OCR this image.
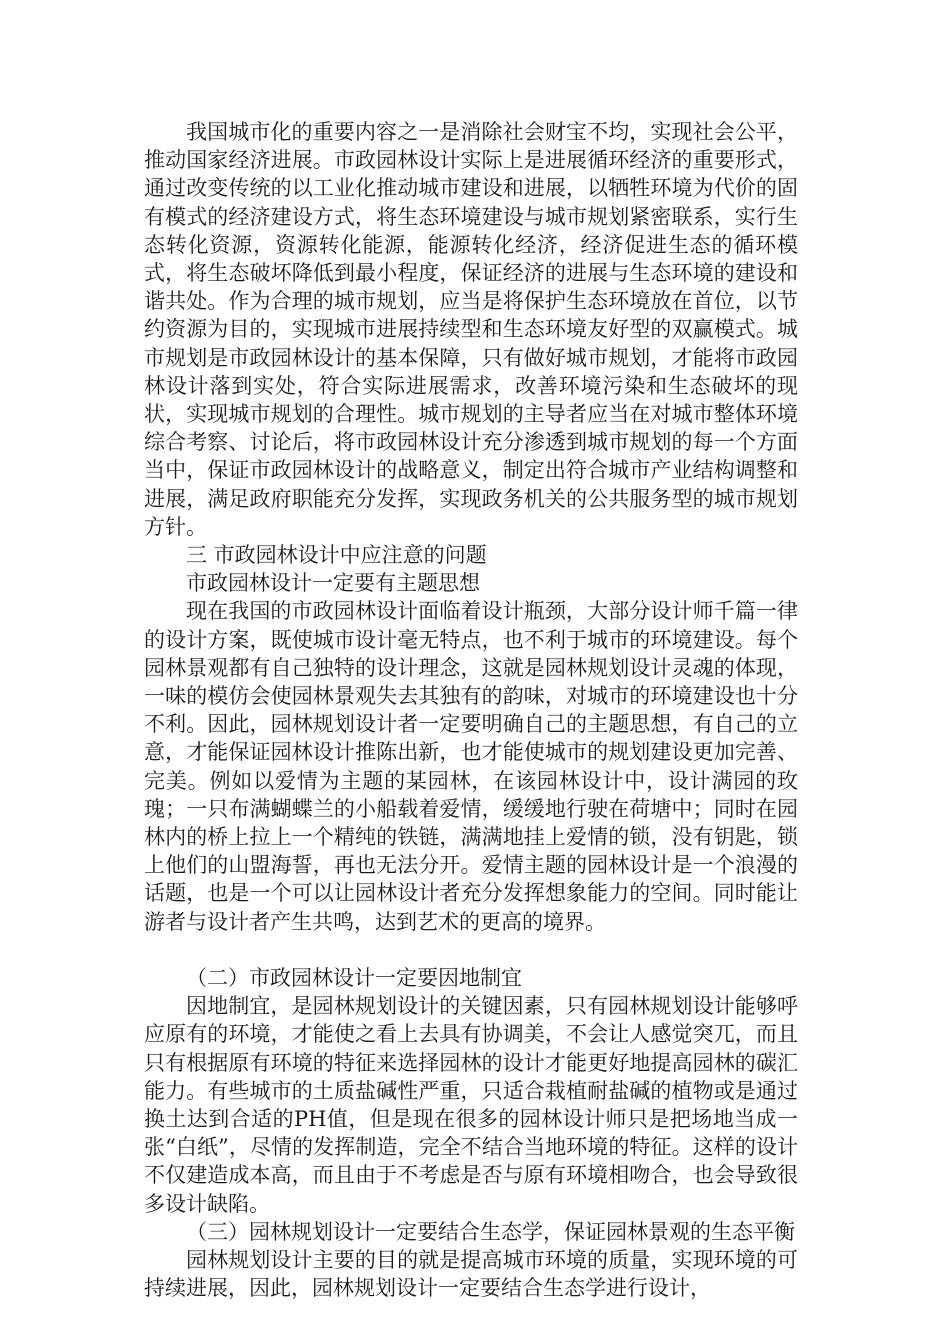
我国城市化的重要内容之一是消除社会财宝不均，实现社会公平，推动国家经济进展。市政园林设计实际上是进展循环经济的重要形式，通过改变传统的以工业化推动城市建设和进展，以牺牲环境为代价的固有模式的经济建设方式，将生态环境建设与城市规划紧密联系，实行生态转化资源，资源转化能源，能源转化经济，经济促进生态的循环模式，将生态破坏降低到最小程度，保证经济的进展与生态环境的建设和谐共处。作为合理的城市规划，应当是将保护生态环境放在首位，以节约资源为目的，实现城市进展持续型和生态环境友好型的双赢模式。城市规划是市政园林设计的基本保障，只有做好城市规划，才能将市政园林设计落到实处，符合实际进展需求，改善环境污染和生态破坏的现状，实现城市规划的合理性。城市规划的主导者应当在对城市整体环境综合考察、讨论后，将市政园林设计充分渗透到城市规划的每一个方面当中，保证市政园林设计的战略意义，制定出符合城市产业结构调整和进展，满足政府职能充分发挥，实现政务机关的公共服务型的城市规划方针。

三 市政园林设计中应注意的问题

市政园林设计一定要有主题思想

现在我国的市政园林设计面临着设计瓶颈，大部分设计师千篇一律的设计方案，既使城市设计毫无特点，也不利于城市的环境建设。每个园林景观都有自己独特的设计理念，这就是园林规划设计灵魂的体现，一味的模仿会使园林景观失去其独有的韵味，对城市的环境建设也十分不利。因此，园林规划设计者一定要明确自己的主题思想，有自己的立意，才能保证园林设计推陈出新，也才能使城市的规划建设更加完善、完美。例如以爱情为主题的某园林，在该园林设计中，设计满园的玫瑰；一只布满蝴蝶兰的小船载着爱情，缓缓地行驶在荷塘中；同时在园林内的桥上拉上一个精纯的铁链，满满地挂上爱情的锁，没有钥匙，锁上他们的山盟海誓，再也无法分开。爱情主题的园林设计是一个浪漫的话题，也是一个可以让园林设计者充分发挥想象能力的空间。同时能让游者与设计者产生共鸣，达到艺术的更高的境界。

（二）市政园林设计一定要因地制宜

因地制宜，是园林规划设计的关键因素，只有园林规划设计能够呼应原有的环境，才能使之看上去具有协调美，不会让人感觉突兀，而且只有根据原有环境的特征来选择园林的设计才能更好地提高园林的碳汇能力。有些城市的土质盐碱性严重，只适合栽植耐盐碱的植物或是通过换土达到合适的PH值，但是现在很多的园林设计师只是把场地当成一张“白纸”，尽情的发挥制造，完全不结合当地环境的特征。这样的设计不仅建造成本高，而且由于不考虑是否与原有环境相吻合，也会导致很多设计缺陷。

（三）园林规划设计一定要结合生态学，保证园林景观的生态平衡

园林规划设计主要的目的就是提高城市环境的质量，实现环境的可持续进展，因此，园林规划设计一定要结合生态学进行设计，
